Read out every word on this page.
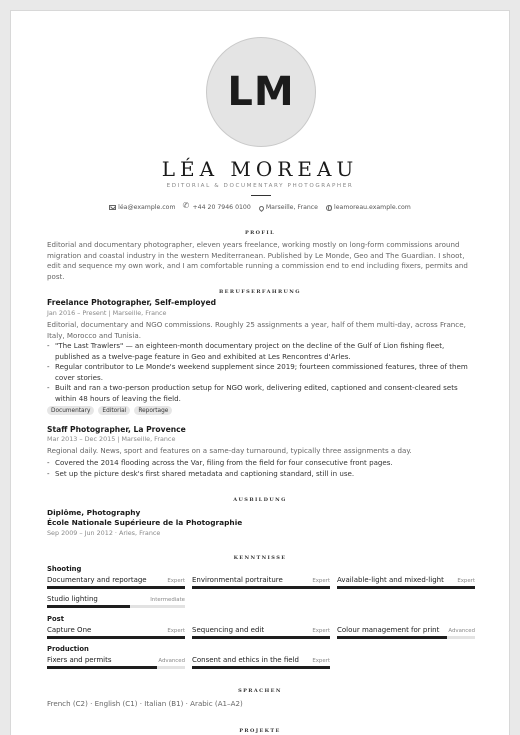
LM
LÉA MOREAU
EDITORIAL & DOCUMENTARY PHOTOGRAPHER
léa@example.com
✆	+44 20 7946 0100 Marseille, France	leamoreau.example.com
PROFIL
Editorial and documentary photographer, eleven years freelance, working mostly on long-form commissions around migration and coastal industry in the western Mediterranean. Published by Le Monde, Geo and The Guardian. I shoot, edit and sequence my own work, and I am comfortable running a commission end to end including fixers, permits and post.
BERUFSERFAHRUNG
Freelance Photographer, Self-employed
Jan 2016 – Present | Marseille, France
Editorial, documentary and NGO commissions. Roughly 25 assignments a year, half of them multi-day, across France, Italy, Morocco and Tunisia.
- "The Last Trawlers" — an eighteen-month documentary project on the decline of the Gulf of Lion fishing fleet, published as a twelve-page feature in Geo and exhibited at Les Rencontres d'Arles.
- Regular contributor to Le Monde's weekend supplement since 2019; fourteen commissioned features, three of them cover stories.
- Built and ran a two-person production setup for NGO work, delivering edited, captioned and consent-cleared sets within 48 hours of leaving the field.
Documentary	Editorial	Reportage
Staff Photographer, La Provence
Mar 2013 – Dec 2015 | Marseille, France
Regional daily. News, sport and features on a same-day turnaround, typically three assignments a day.
- Covered the 2014 flooding across the Var, filing from the field for four consecutive front pages.
- Set up the picture desk's first shared metadata and captioning standard, still in use.
AUSBILDUNG
Diplôme, Photography
École Nationale Supérieure de la Photographie
Sep 2009 – Jun 2012 · Arles, France
KENNTNISSE
Shooting
Documentary and reportage	Expert Environmental portraiture	Expert Available-light and mixed-light	Expert
Studio lighting	Intermediate
Post
Capture One	Expert Sequencing and edit	Expert Colour management for print Advanced
Production
Fixers and permits	Advanced Consent and ethics in the field Expert
SPRACHEN
French (C2) · English (C1) · Italian (B1) · Arabic (A1–A2)
PROJEKTE
